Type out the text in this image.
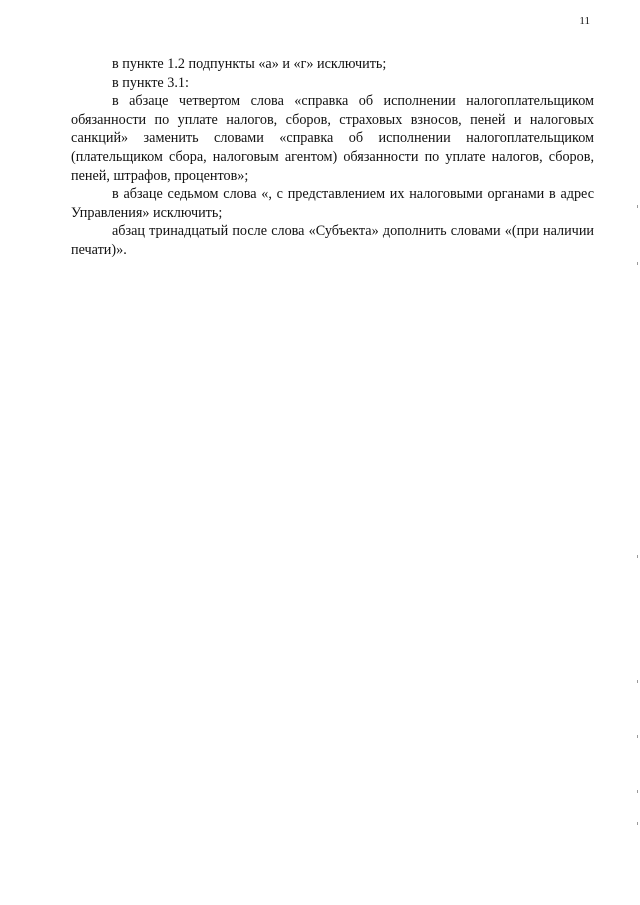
11

в пункте 1.2 подпункты «а» и «г» исключить;

в пункте 3.1:

в абзаце четвертом слова «справка об исполнении налогоплательщиком обязанности по уплате налогов, сборов, страховых взносов, пеней и налоговых санкций» заменить словами «справка об исполнении налогоплательщиком (плательщиком сбора, налоговым агентом) обязанности по уплате налогов, сборов, пеней, штрафов, процентов»;

в абзаце седьмом слова «, с представлением их налоговыми органами в адрес Управления» исключить;

абзац тринадцатый после слова «Субъекта» дополнить словами «(при наличии печати)».
